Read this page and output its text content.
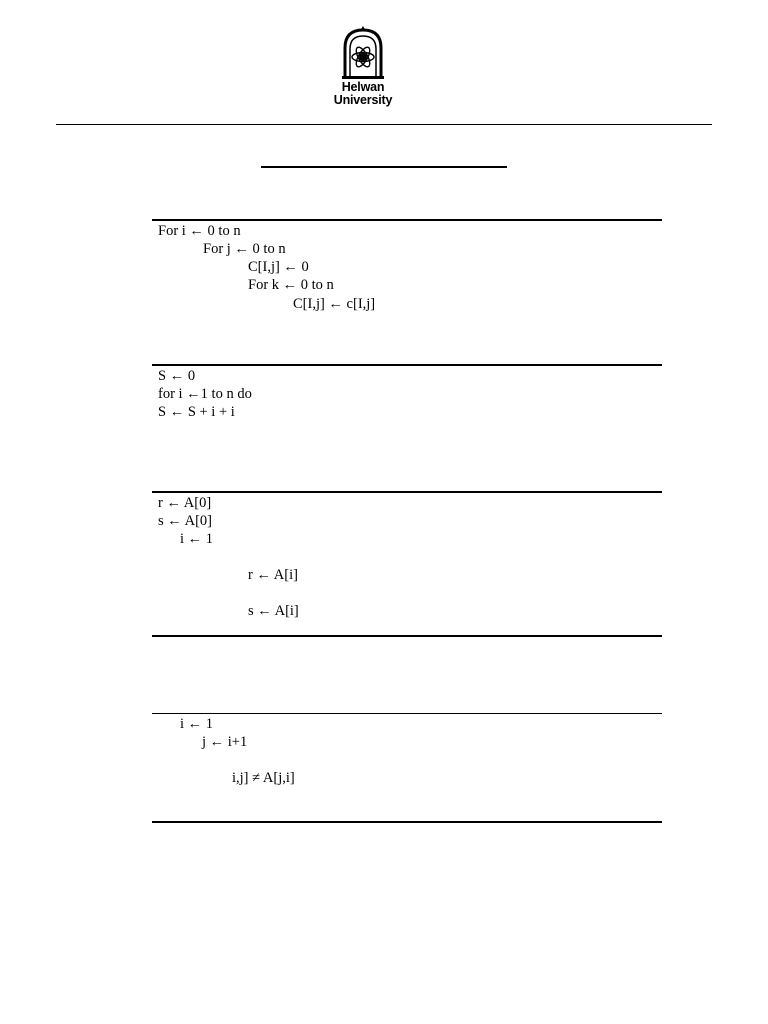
Helwan
University
For i ← 0 to n
For j ← 0 to n
C[I,j] ← 0
For k ← 0 to n
C[I,j] ← c[I,j]
S ← 0
for i ←1 to n do
S ← S + i + i
r ← A[0]
s ← A[0]
i ← 1
r ← A[i]
s ← A[i]
i ← 1
j ← i+1
i,j] ≠ A[j,i]
